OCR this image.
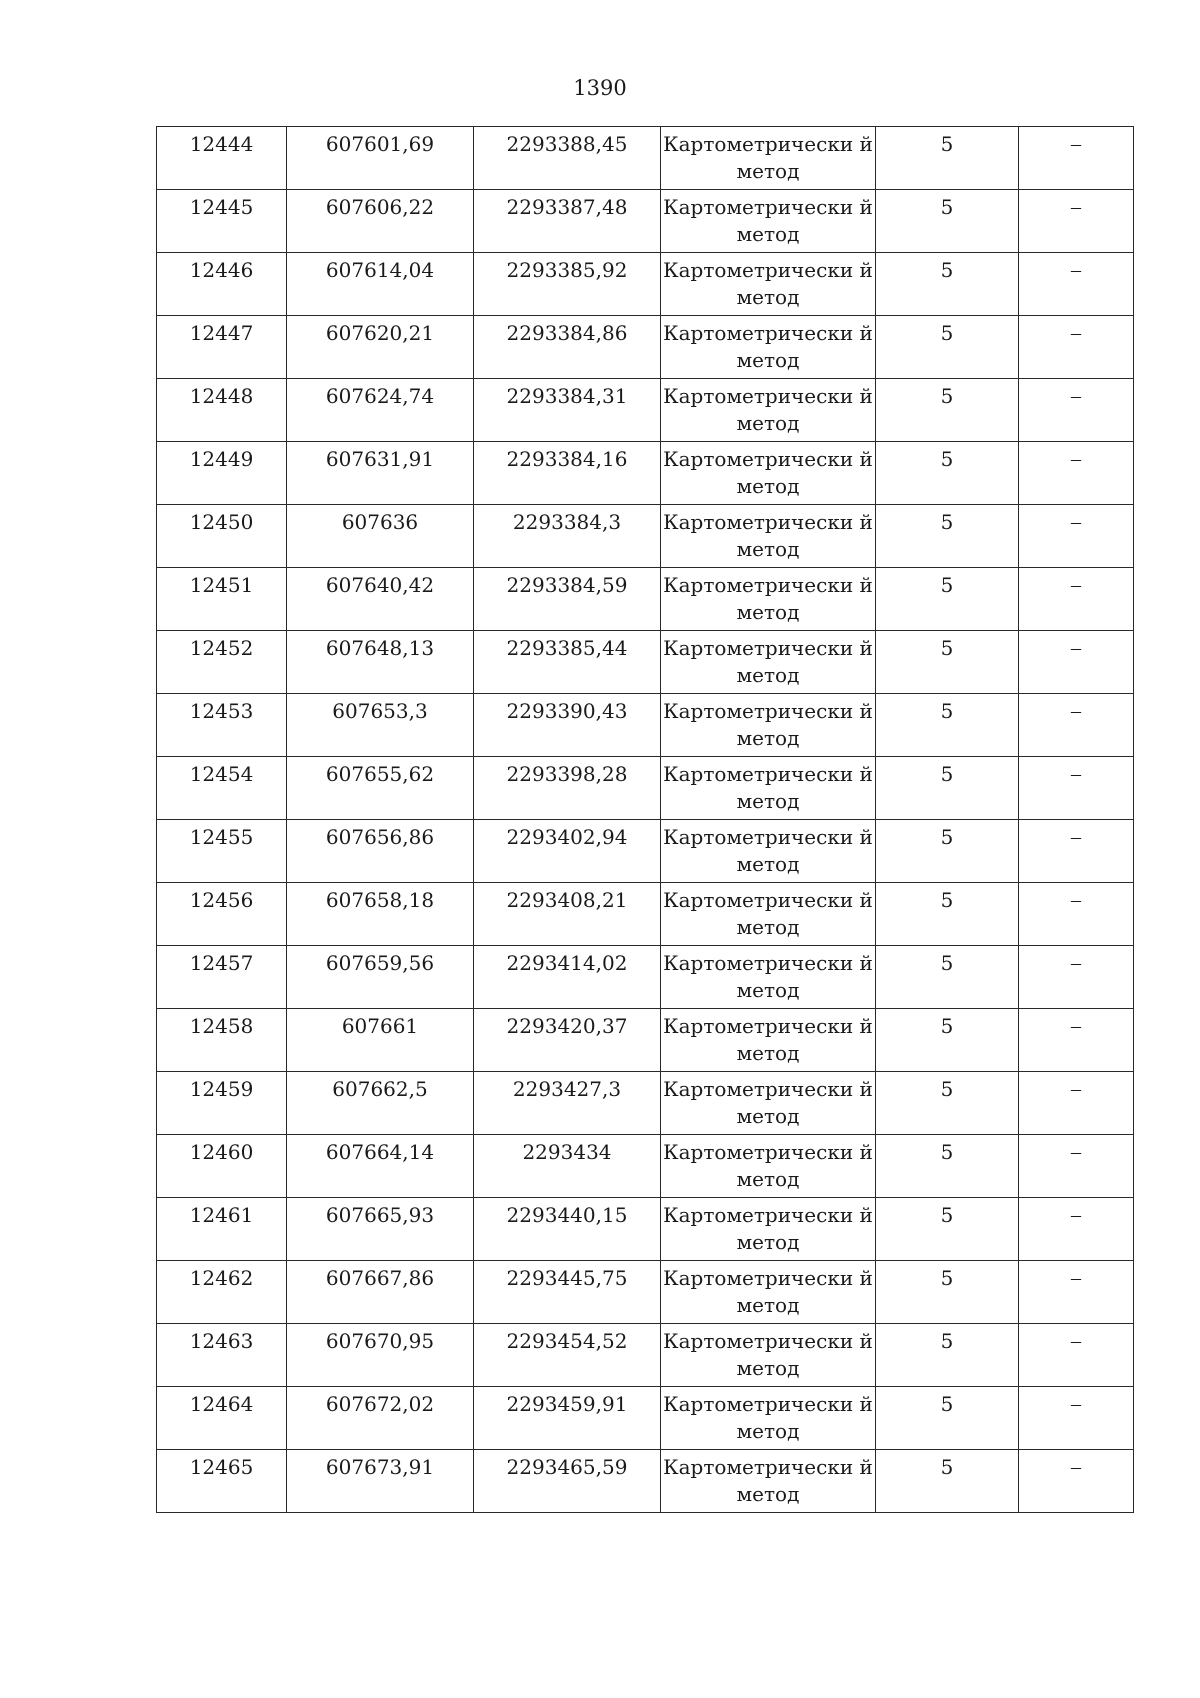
1390
12444	607601,69	2293388,45	Картометрически й метод	5	–
12445	607606,22	2293387,48	Картометрически й метод	5	–
12446	607614,04	2293385,92	Картометрически й метод	5	–
12447	607620,21	2293384,86	Картометрически й метод	5	–
12448	607624,74	2293384,31	Картометрически й метод	5	–
12449	607631,91	2293384,16	Картометрически й метод	5	–
12450	607636	2293384,3	Картометрически й метод	5	–
12451	607640,42	2293384,59	Картометрически й метод	5	–
12452	607648,13	2293385,44	Картометрически й метод	5	–
12453	607653,3	2293390,43	Картометрически й метод	5	–
12454	607655,62	2293398,28	Картометрически й метод	5	–
12455	607656,86	2293402,94	Картометрически й метод	5	–
12456	607658,18	2293408,21	Картометрически й метод	5	–
12457	607659,56	2293414,02	Картометрически й метод	5	–
12458	607661	2293420,37	Картометрически й метод	5	–
12459	607662,5	2293427,3	Картометрически й метод	5	–
12460	607664,14	2293434	Картометрически й метод	5	–
12461	607665,93	2293440,15	Картометрически й метод	5	–
12462	607667,86	2293445,75	Картометрически й метод	5	–
12463	607670,95	2293454,52	Картометрически й метод	5	–
12464	607672,02	2293459,91	Картометрически й метод	5	–
12465	607673,91	2293465,59	Картометрически й метод	5	–
